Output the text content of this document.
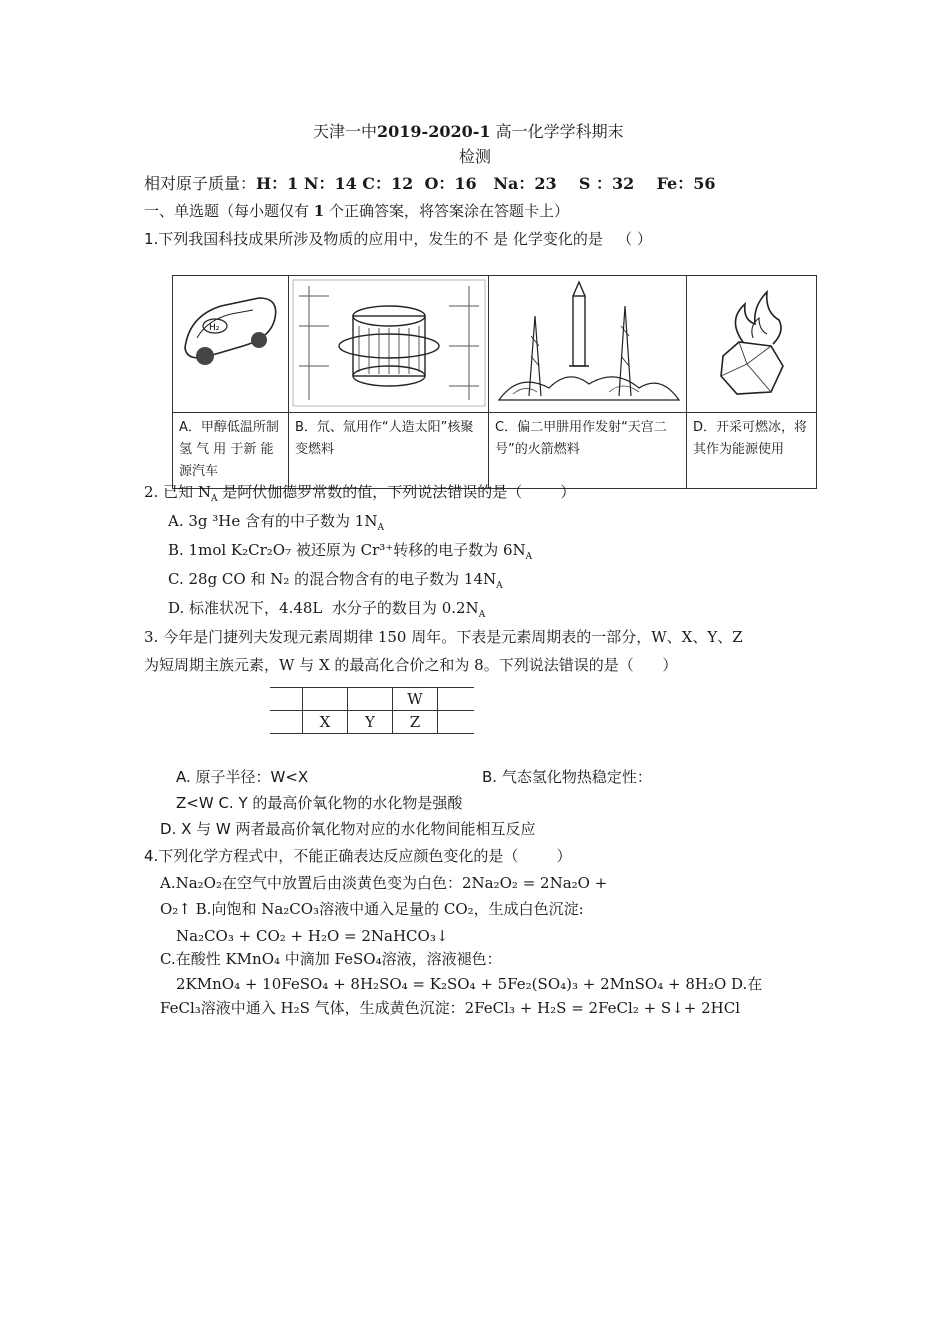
天津一中2019-2020-1 高一化学学科期末
检测
相对原子质量：H：1 N：14 C：12  O：16   Na：23    S ：32    Fe：56
一、单选题（每小题仅有 1 个正确答案，将答案涂在答题卡上）
1.下列我国科技成果所涉及物质的应用中，发生的不 是 化学变化的是   （ ）
H₂

A．甲醇低温所制 氢 气 用 于新 能源汽车	B．氘、氚用作“人造太阳”核聚变燃料	C．偏二甲肼用作发射“天宫二号”的火箭燃料	D．开采可燃冰，将其作为能源使用
2. 已知 $N_A$ 是阿伏伽德罗常数的值，下列说法错误的是（        ）
A. 3g ³He 含有的中子数为 $1N_A$
B. 1mol K₂Cr₂O₇ 被还原为 Cr³⁺转移的电子数为 $6N_A$
C. 28g CO 和 N₂ 的混合物含有的电子数为 $14N_A$
D. 标准状况下，4.48L  水分子的数目为 $0.2N_A$
3. 今年是门捷列夫发现元素周期律 150 周年。下表是元素周期表的一部分，W、X、Y、Z
为短周期主族元素，W 与 X 的最高化合价之和为 8。下列说法错误的是（      ）
			W	
	X	Y	Z	
A. 原子半径：W<X	B. 气态氢化物热稳定性：
Z<W C. Y 的最高价氧化物的水化物是强酸
D. X 与 W 两者最高价氧化物对应的水化物间能相互反应
4.下列化学方程式中，不能正确表达反应颜色变化的是（        ）
A.Na₂O₂在空气中放置后由淡黄色变为白色：2Na₂O₂ = 2Na₂O +
O₂↑ B.向饱和 Na₂CO₃溶液中通入足量的 CO₂，生成白色沉淀:
Na₂CO₃ + CO₂ + H₂O = 2NaHCO₃↓
C.在酸性 KMnO₄ 中滴加 FeSO₄溶液，溶液褪色：
2KMnO₄ + 10FeSO₄ + 8H₂SO₄ = K₂SO₄ + 5Fe₂(SO₄)₃ + 2MnSO₄ + 8H₂O D.在
FeCl₃溶液中通入 H₂S 气体，生成黄色沉淀：2FeCl₃ + H₂S = 2FeCl₂ + S↓+ 2HCl
